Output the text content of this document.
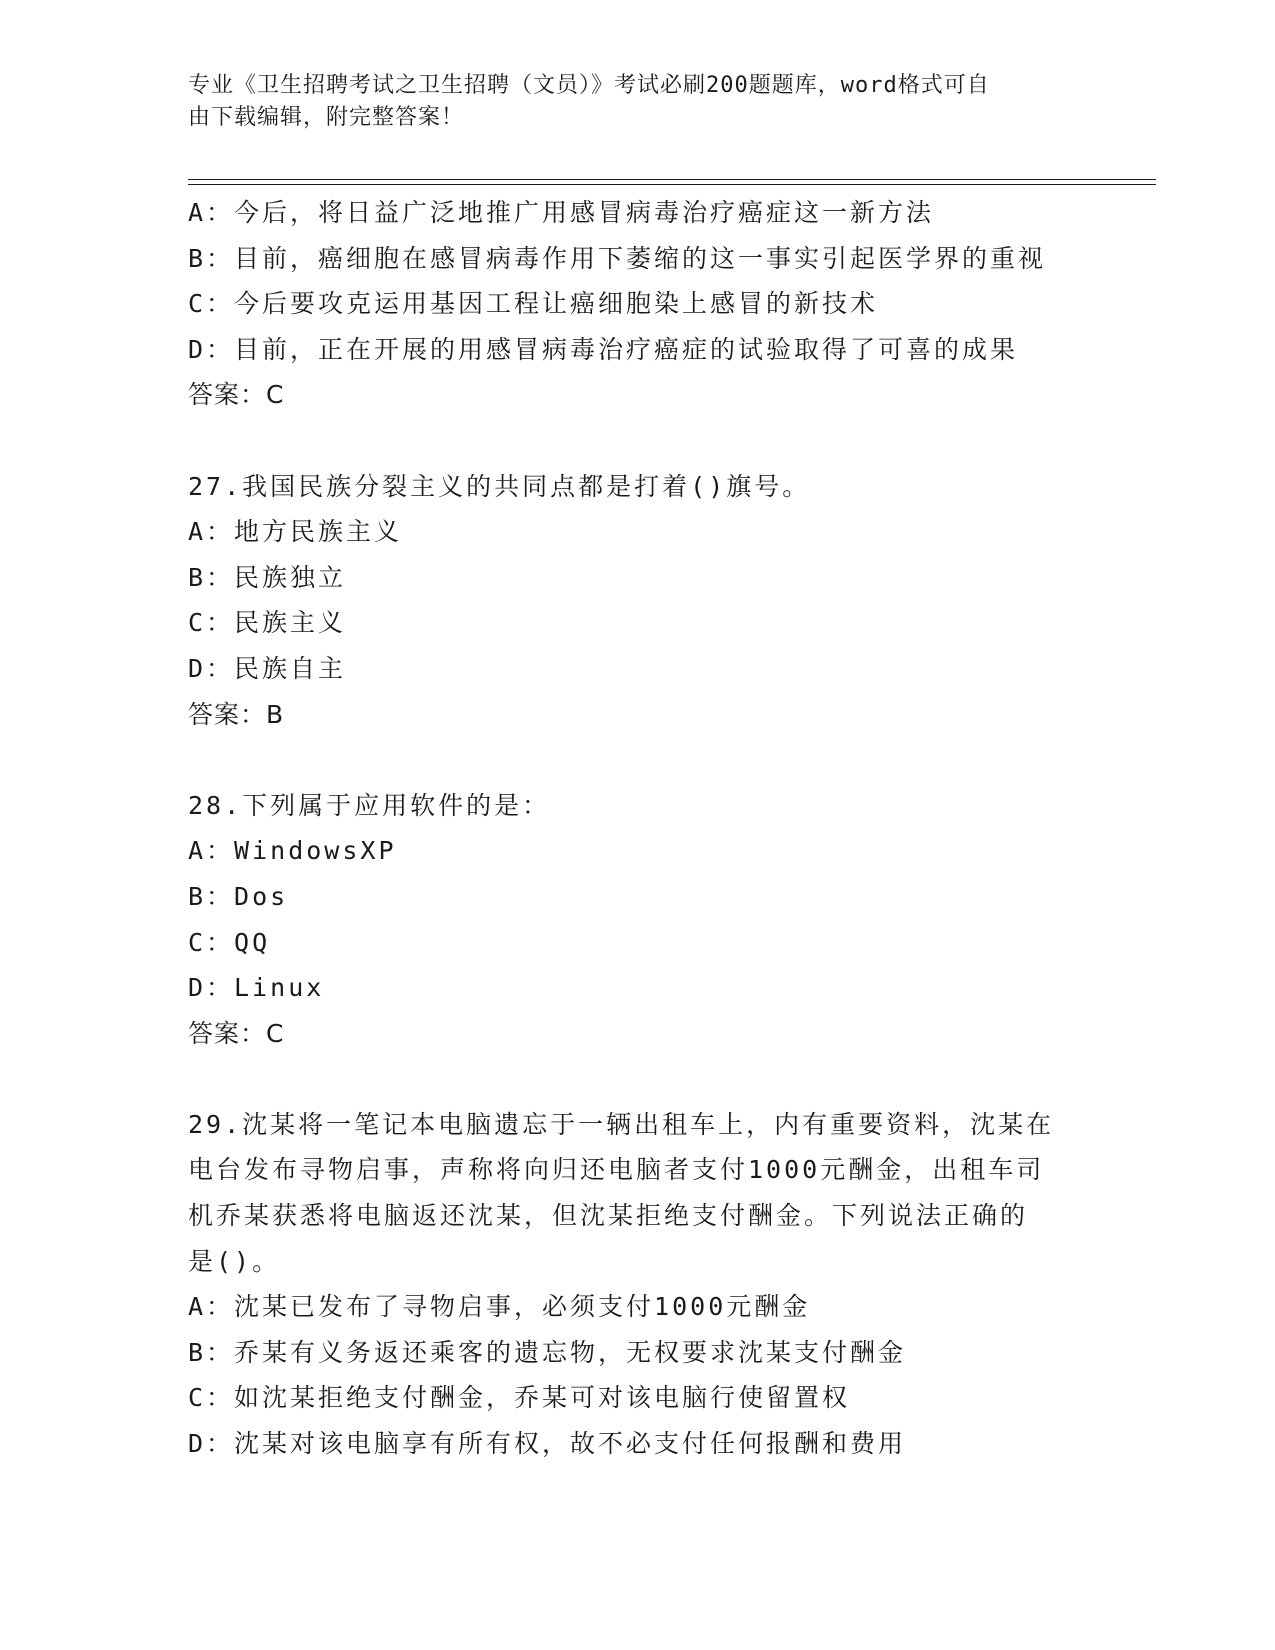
专业《卫生招聘考试之卫生招聘（文员）》考试必刷200题题库，word格式可自
由下载编辑，附完整答案！
A：今后，将日益广泛地推广用感冒病毒治疗癌症这一新方法
B：目前，癌细胞在感冒病毒作用下萎缩的这一事实引起医学界的重视
C：今后要攻克运用基因工程让癌细胞染上感冒的新技术
D：目前，正在开展的用感冒病毒治疗癌症的试验取得了可喜的成果
答案：C
27.我国民族分裂主义的共同点都是打着()旗号。
A：地方民族主义
B：民族独立
C：民族主义
D：民族自主
答案：B
28.下列属于应用软件的是：
A：WindowsXP
B：Dos
C：QQ
D：Linux
答案：C
29.沈某将一笔记本电脑遗忘于一辆出租车上，内有重要资料，沈某在
电台发布寻物启事，声称将向归还电脑者支付1000元酬金，出租车司
机乔某获悉将电脑返还沈某，但沈某拒绝支付酬金。下列说法正确的
是()。
A：沈某已发布了寻物启事，必须支付1000元酬金
B：乔某有义务返还乘客的遗忘物，无权要求沈某支付酬金
C：如沈某拒绝支付酬金，乔某可对该电脑行使留置权
D：沈某对该电脑享有所有权，故不必支付任何报酬和费用
